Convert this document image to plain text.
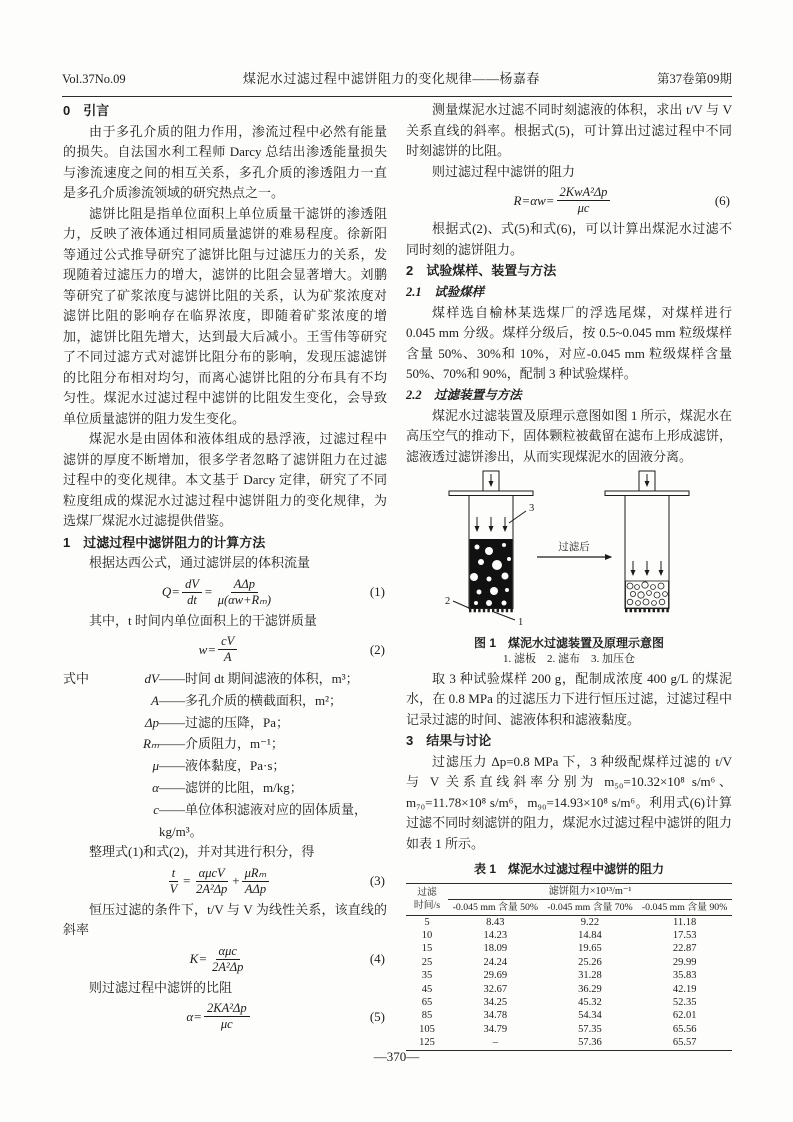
Vol.37No.09	煤泥水过滤过程中滤饼阻力的变化规律——杨嘉春	第37卷第09期
0　引言

由于多孔介质的阻力作用，渗流过程中必然有能量的损失。自法国水利工程师 Darcy 总结出渗透能量损失与渗流速度之间的相互关系，多孔介质的渗透阻力一直是多孔介质渗流领域的研究热点之一。

滤饼比阻是指单位面积上单位质量干滤饼的渗透阻力，反映了液体通过相同质量滤饼的难易程度。徐新阳等通过公式推导研究了滤饼比阻与过滤压力的关系，发现随着过滤压力的增大，滤饼的比阻会显著增大。刘鹏等研究了矿浆浓度与滤饼比阻的关系，认为矿浆浓度对滤饼比阻的影响存在临界浓度，即随着矿浆浓度的增加，滤饼比阻先增大，达到最大后减小。王雪伟等研究了不同过滤方式对滤饼比阻分布的影响，发现压滤滤饼的比阻分布相对均匀，而离心滤饼比阻的分布具有不均匀性。煤泥水过滤过程中滤饼的比阻发生变化，会导致单位质量滤饼的阻力发生变化。

煤泥水是由固体和液体组成的悬浮液，过滤过程中滤饼的厚度不断增加，很多学者忽略了滤饼阻力在过滤过程中的变化规律。本文基于 Darcy 定律，研究了不同粒度组成的煤泥水过滤过程中滤饼阻力的变化规律，为选煤厂煤泥水过滤提供借鉴。

1　过滤过程中滤饼阻力的计算方法

根据达西公式，通过滤饼层的体积流量

$Q= \frac{dV}{dt} = \frac{\text{AΔp}}{\text{μ(αw+Rₘ)}}$	(1)

其中，t 时间内单位面积上的干滤饼质量

$w= \frac{cV}{A}$	(2)
式中	dV ——时间 dt 期间滤液的体积，m³；
A ——多孔介质的横截面积，m²；
Δp ——过滤的压降，Pa；
Rₘ ——介质阻力，m⁻¹；
μ ——液体黏度，Pa·s；
α ——滤饼的比阻，m/kg；
c ——单位体积滤液对应的固体质量，kg/m³。

整理式(1)和式(2)，并对其进行积分，得

$\frac{t}{V} = \frac{\text{αμcV}}{\text{2A²Δp}} + \frac{\text{μRₘ}}{\text{AΔp}}$	(3)

恒压过滤的条件下，t/V 与 V 为线性关系，该直线的斜率

$K= \frac{\text{αμc}}{\text{2A²Δp}}$	(4)

则过滤过程中滤饼的比阻

$\alpha= \frac{\text{2KA²Δp}}{\mu c}$	(5)

测量煤泥水过滤不同时刻滤液的体积，求出 t/V 与 V 关系直线的斜率。根据式(5)，可计算出过滤过程中不同时刻滤饼的比阻。

则过滤过程中滤饼的阻力

$R=\alpha w= \frac{\text{2KwA²Δp}}{\mu c}$	(6)

根据式(2)、式(5)和式(6)，可以计算出煤泥水过滤不同时刻的滤饼阻力。

2　试验煤样、装置与方法
2.1　试验煤样

煤样选自榆林某选煤厂的浮选尾煤，对煤样进行 0.045 mm 分级。煤样分级后，按 0.5~0.045 mm 粒级煤样含量 50%、30%和 10%，对应-0.045 mm 粒级煤样含量 50%、70%和 90%，配制 3 种试验煤样。

2.2　过滤装置与方法

煤泥水过滤装置及原理示意图如图 1 所示，煤泥水在高压空气的推动下，固体颗粒被截留在滤布上形成滤饼，滤液透过滤饼渗出，从而实现煤泥水的固液分离。

过滤后
3
2
1
图 1　煤泥水过滤装置及原理示意图
1. 滤板　2. 滤布　3. 加压仓

取 3 种试验煤样 200 g，配制成浓度 400 g/L 的煤泥水，在 0.8 MPa 的过滤压力下进行恒压过滤，过滤过程中记录过滤的时间、滤液体积和滤液黏度。

3　结果与讨论

过滤压力 Δp=0.8 MPa 下，3 种级配煤样过滤的 t/V 与 V 关系直线斜率分别为 m₅₀=10.32×10⁸ s/m⁶、m₇₀=11.78×10⁸ s/m⁶，m₉₀=14.93×10⁸ s/m⁶。利用式(6)计算过滤不同时刻滤饼的阻力，煤泥水过滤过程中滤饼的阻力如表 1 所示。

表 1　煤泥水过滤过程中滤饼的阻力
过滤
时间/s	滤饼阻力×10¹³/m⁻¹		
	-0.045 mm 含量 50%	-0.045 mm 含量 70%	-0.045 mm 含量 90%
5	8.43	9.22	11.18
10	14.23	14.84	17.53
15	18.09	19.65	22.87
25	24.24	25.26	29.99
35	29.69	31.28	35.83
45	32.67	36.29	42.19
65	34.25	45.32	52.35
85	34.78	54.34	62.01
105	34.79	57.35	65.56
125	–	57.36	65.57
—370—
